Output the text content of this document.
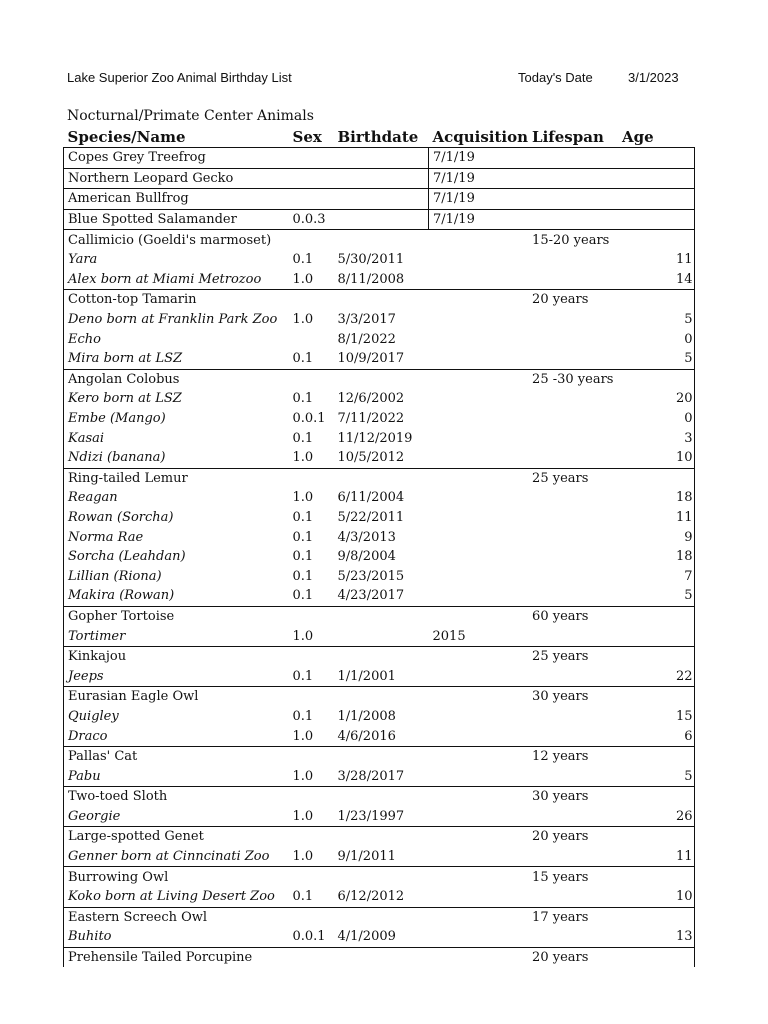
Lake Superior Zoo Animal Birthday List	Today's Date	3/1/2023
Nocturnal/Primate Center Animals
Species/Name	Sex	Birthdate	Acquisition	Lifespan	Age
Copes Grey Treefrog			7/1/19		
Northern Leopard Gecko			7/1/19		
American Bullfrog			7/1/19		
Blue Spotted Salamander	0.0.3		7/1/19		
Callimicio (Goeldi's marmoset)				15-20 years	
Yara	0.1	5/30/2011			11
Alex born at Miami Metrozoo	1.0	8/11/2008			14
Cotton-top Tamarin				20 years	
Deno born at Franklin Park Zoo	1.0	3/3/2017			5
Echo		8/1/2022			0
Mira born at LSZ	0.1	10/9/2017			5
Angolan Colobus				25 -30 years	
Kero born at LSZ	0.1	12/6/2002			20
Embe (Mango)	0.0.1	7/11/2022			0
Kasai	0.1	11/12/2019			3
Ndizi (banana)	1.0	10/5/2012			10
Ring-tailed Lemur				25 years	
Reagan	1.0	6/11/2004			18
Rowan (Sorcha)	0.1	5/22/2011			11
Norma Rae	0.1	4/3/2013			9
Sorcha (Leahdan)	0.1	9/8/2004			18
Lillian (Riona)	0.1	5/23/2015			7
Makira (Rowan)	0.1	4/23/2017			5
Gopher Tortoise				60 years	
Tortimer	1.0		2015		
Kinkajou				25 years	
Jeeps	0.1	1/1/2001			22
Eurasian Eagle Owl				30 years	
Quigley	0.1	1/1/2008			15
Draco	1.0	4/6/2016			6
Pallas' Cat				12 years	
Pabu	1.0	3/28/2017			5
Two-toed Sloth				30 years	
Georgie	1.0	1/23/1997			26
Large-spotted Genet				20 years	
Genner born at Cinncinati Zoo	1.0	9/1/2011			11
Burrowing Owl				15 years	
Koko born at Living Desert Zoo	0.1	6/12/2012			10
Eastern Screech Owl				17 years	
Buhito	0.0.1	4/1/2009			13
Prehensile Tailed Porcupine				20 years	
